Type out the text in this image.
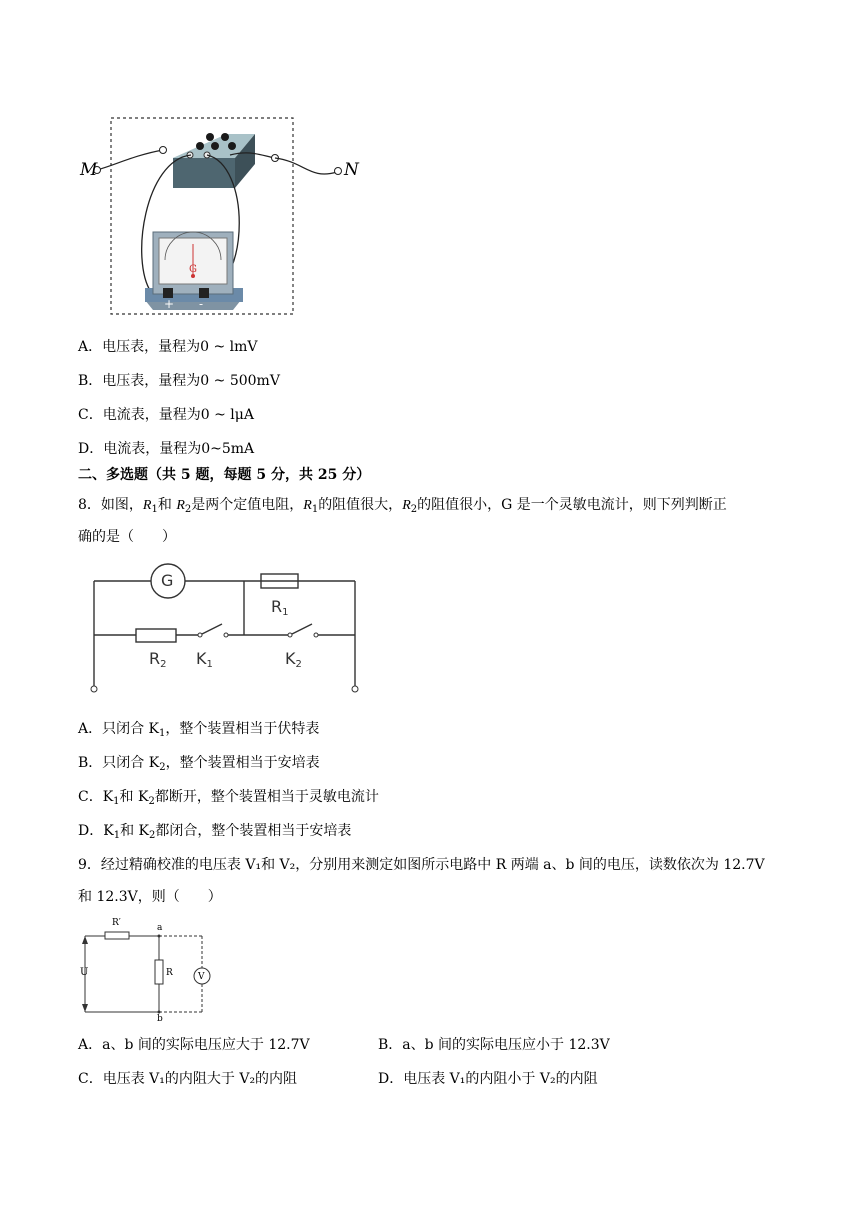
M	N
G
+ -
A．电压表，量程为0 ~ lmV
B．电压表，量程为0 ~ 500mV
C．电流表，量程为0 ~ lμA
D．电流表，量程为0~5mA
二、多选题（共 5 题，每题 5 分，共 25 分）
8．如图，$R_1$和 $R_2$是两个定值电阻，$R_1$的阻值很大，$R_2$的阻值很小，G 是一个灵敏电流计，则下列判断正
确的是（　　）
G
$R_1$
$R_2$ $K_1$	$K_2$
A．只闭合 $K_1$，整个装置相当于伏特表
B．只闭合 $K_2$，整个装置相当于安培表
C．$K_1$和 $K_2$都断开，整个装置相当于灵敏电流计
D．$K_1$和 $K_2$都闭合，整个装置相当于安培表
9．经过精确校准的电压表 V₁和 V₂，分别用来测定如图所示电路中 R 两端 a、b 间的电压，读数依次为 12.7V
和 12.3V，则（　　）
R′	a
R
U	V
b
A．a、b 间的实际电压应大于 12.7V	B．a、b 间的实际电压应小于 12.3V
C．电压表 V₁的内阻大于 V₂的内阻	D．电压表 V₁的内阻小于 V₂的内阻
